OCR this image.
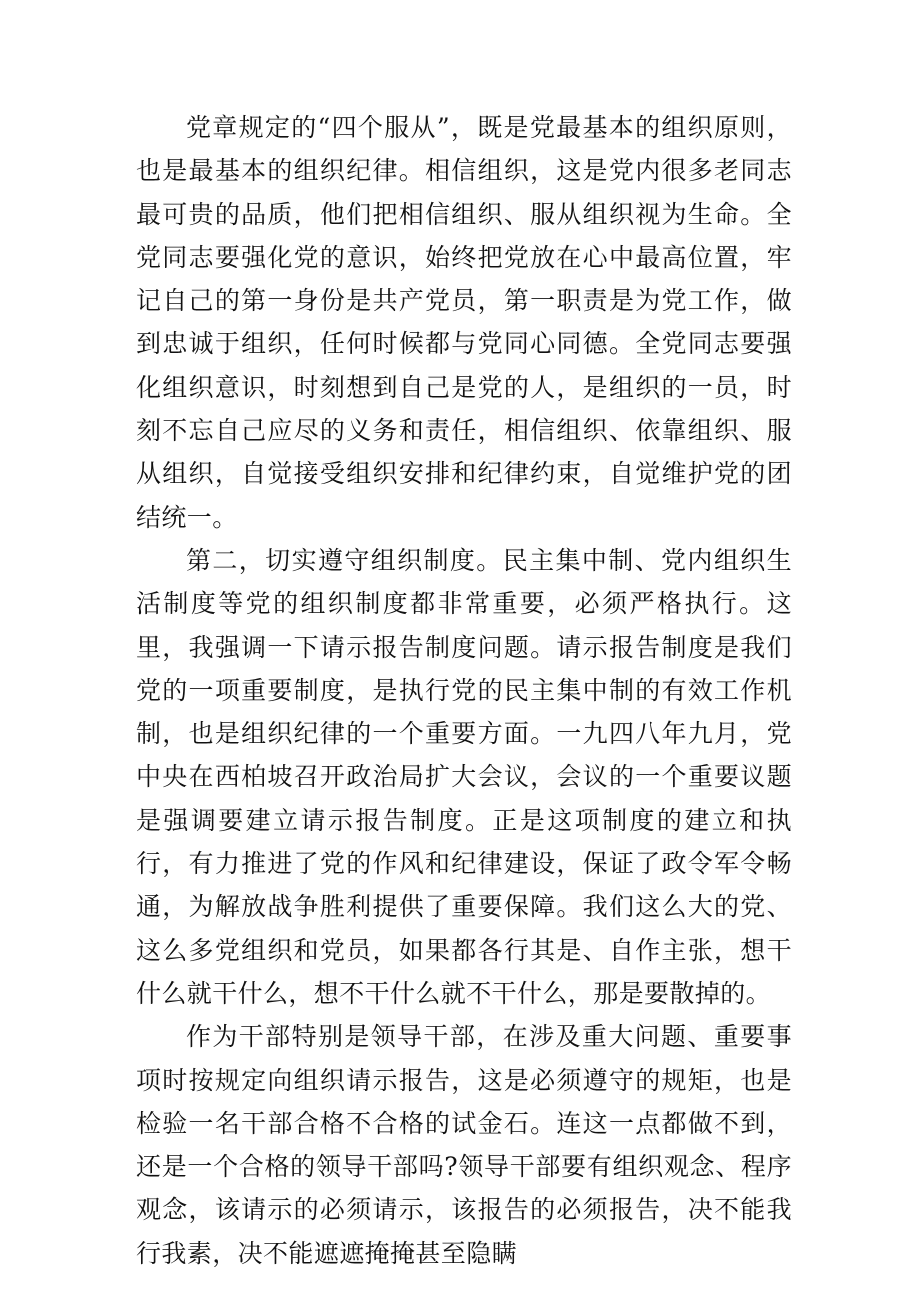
党章规定的“四个服从”，既是党最基本的组织原则，也是最基本的组织纪律。相信组织，这是党内很多老同志最可贵的品质，他们把相信组织、服从组织视为生命。全党同志要强化党的意识，始终把党放在心中最高位置，牢记自己的第一身份是共产党员，第一职责是为党工作，做到忠诚于组织，任何时候都与党同心同德。全党同志要强化组织意识，时刻想到自己是党的人，是组织的一员，时刻不忘自己应尽的义务和责任，相信组织、依靠组织、服从组织，自觉接受组织安排和纪律约束，自觉维护党的团结统一。

第二，切实遵守组织制度。民主集中制、党内组织生活制度等党的组织制度都非常重要，必须严格执行。这里，我强调一下请示报告制度问题。请示报告制度是我们党的一项重要制度，是执行党的民主集中制的有效工作机制，也是组织纪律的一个重要方面。一九四八年九月，党中央在西柏坡召开政治局扩大会议，会议的一个重要议题是强调要建立请示报告制度。正是这项制度的建立和执行，有力推进了党的作风和纪律建设，保证了政令军令畅通，为解放战争胜利提供了重要保障。我们这么大的党、这么多党组织和党员，如果都各行其是、自作主张，想干什么就干什么，想不干什么就不干什么，那是要散掉的。

作为干部特别是领导干部，在涉及重大问题、重要事项时按规定向组织请示报告，这是必须遵守的规矩，也是检验一名干部合格不合格的试金石。连这一点都做不到，还是一个合格的领导干部吗?领导干部要有组织观念、程序观念，该请示的必须请示，该报告的必须报告，决不能我行我素，决不能遮遮掩掩甚至隐瞒
